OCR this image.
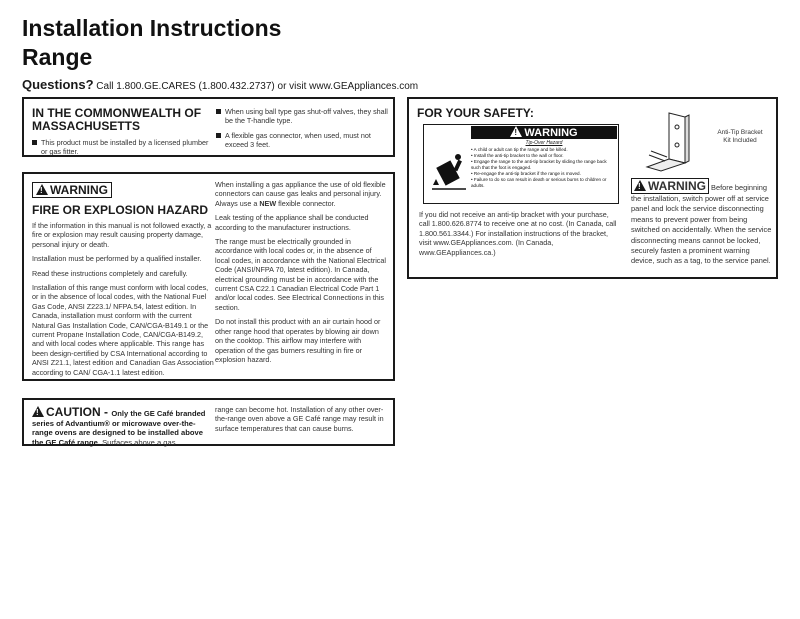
Installation Instructions
Range
Questions? Call 1.800.GE.CARES (1.800.432.2737) or visit www.GEAppliances.com
IN THE COMMONWEALTH OF MASSACHUSETTS
This product must be installed by a licensed plumber or gas fitter.
When using ball type gas shut-off valves, they shall be the T-handle type.
A flexible gas connector, when used, must not exceed 3 feet.
!WARNING
FIRE OR EXPLOSION HAZARD

If the information in this manual is not followed exactly, a fire or explosion may result causing property damage, personal injury or death.

Installation must be performed by a qualified installer.

Read these instructions completely and carefully.

Installation of this range must conform with local codes, or in the absence of local codes, with the National Fuel Gas Code, ANSI Z223.1/ NFPA.54, latest edition. In Canada, installation must conform with the current Natural Gas Installation Code, CAN/CGA-B149.1 or the current Propane Installation Code, CAN/CGA-B149.2, and with local codes where applicable. This range has been design-certified by CSA International according to ANSI Z21.1, latest edition and Canadian Gas Association according to CAN/ CGA-1.1 latest edition.

When installing a gas appliance the use of old flexible connectors can cause gas leaks and personal injury. Always use a NEW flexible connector.

Leak testing of the appliance shall be conducted according to the manufacturer instructions.

The range must be electrically grounded in accordance with local codes or, in the absence of local codes, in accordance with the National Electrical Code (ANSI/NFPA 70, latest edition). In Canada, electrical grounding must be in accordance with the current CSA C22.1 Canadian Electrical Code Part 1 and/or local codes. See Electrical Connections in this section.

Do not install this product with an air curtain hood or other range hood that operates by blowing air down on the cooktop. This airflow may interfere with operation of the gas burners resulting in fire or explosion hazard.

!CAUTION - Only the GE Café branded series of Advantium® or microwave over-the-range ovens are designed to be installed above the GE Café range. Surfaces above a gas
range can become hot. Installation of any other over-the-range oven above a GE Café range may result in surface temperatures that can cause burns.
FOR YOUR SAFETY:
!WARNING
Tip-Over Hazard
• A child or adult can tip the range and be killed.
• Install the anti-tip bracket to the wall or floor.
• Engage the range to the anti-tip bracket by sliding the range back such that the foot is engaged.
• Re-engage the anti-tip bracket if the range is moved.
• Failure to do so can result in death or serious burns to children or adults.
Anti-Tip Bracket
Kit Included
If you did not receive an anti-tip bracket with your purchase, call 1.800.626.8774 to receive one at no cost. (In Canada, call 1.800.561.3344.) For installation instructions of the bracket, visit www.GEAppliances.com. (In Canada, www.GEAppliances.ca.)
!WARNING Before beginning
the installation, switch power off at service panel and lock the service disconnecting means to prevent power from being switched on accidentally. When the service disconnecting means cannot be locked, securely fasten a prominent warning device, such as a tag, to the service panel.
